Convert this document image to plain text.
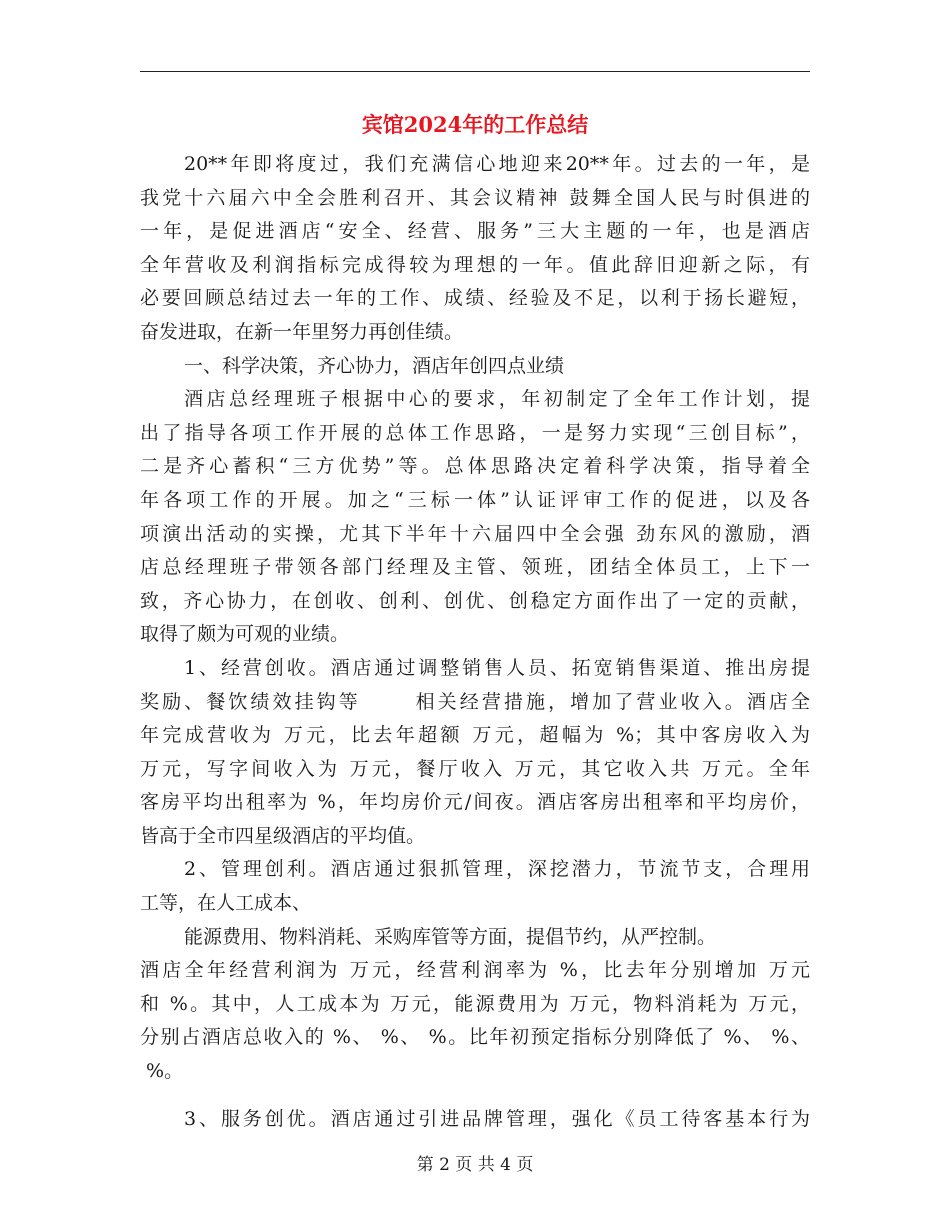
宾馆2024年的工作总结
20**年即将度过，我们充满信心地迎来20**年。过去的一年，是
我党十六届六中全会胜利召开、其会议精神 鼓舞全国人民与时俱进的
一年，是促进酒店“安全、经营、服务”三大主题的一年，也是酒店
全年营收及利润指标完成得较为理想的一年。值此辞旧迎新之际，有
必要回顾总结过去一年的工作、成绩、经验及不足，以利于扬长避短，
奋发进取，在新一年里努力再创佳绩。
一、科学决策，齐心协力，酒店年创四点业绩
酒店总经理班子根据中心的要求，年初制定了全年工作计划，提
出了指导各项工作开展的总体工作思路，一是努力实现“三创目标”，
二是齐心蓄积“三方优势”等。总体思路决定着科学决策，指导着全
年各项工作的开展。加之“三标一体”认证评审工作的促进，以及各
项演出活动的实操，尤其下半年十六届四中全会强 劲东风的激励，酒
店总经理班子带领各部门经理及主管、领班，团结全体员工，上下一
致，齐心协力，在创收、创利、创优、创稳定方面作出了一定的贡献，
取得了颇为可观的业绩。
1、经营创收。酒店通过调整销售人员、拓宽销售渠道、推出房提
奖励、餐饮绩效挂钩等      相关经营措施，增加了营业收入。酒店全
年完成营收为 万元，比去年超额 万元，超幅为 %；其中客房收入为
万元，写字间收入为 万元，餐厅收入 万元，其它收入共 万元。全年
客房平均出租率为 %，年均房价元/间夜。酒店客房出租率和平均房价，
皆高于全市四星级酒店的平均值。
2、管理创利。酒店通过狠抓管理，深挖潜力，节流节支，合理用
工等，在人工成本、
能源费用、物料消耗、采购库管等方面，提倡节约，从严控制。
酒店全年经营利润为 万元，经营利润率为 %，比去年分别增加 万元
和 %。其中，人工成本为 万元，能源费用为 万元，物料消耗为 万元，
分别占酒店总收入的 %、 %、 %。比年初预定指标分别降低了 %、 %、
%。
3、服务创优。酒店通过引进品牌管理，强化《员工待客基本行为
第 2 页 共 4 页
